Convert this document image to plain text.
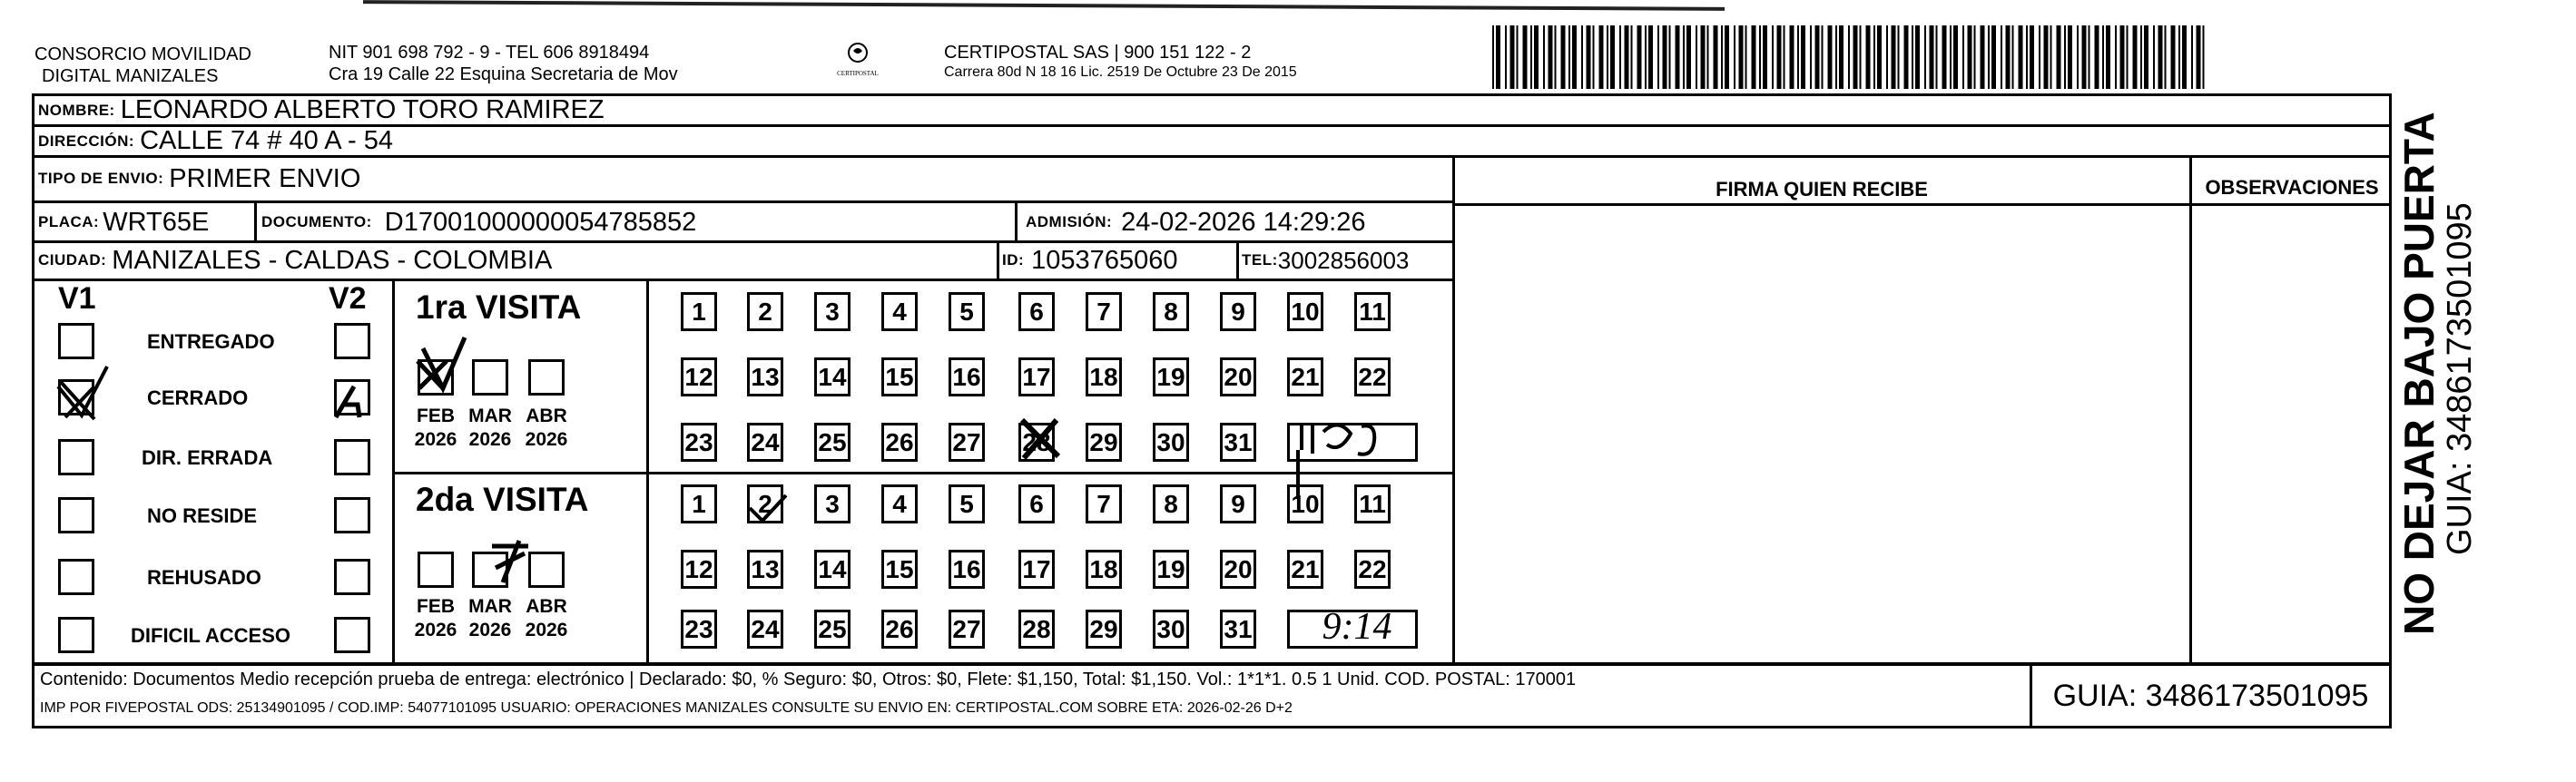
CONSORCIO MOVILIDAD
DIGITAL MANIZALES
NIT 901 698 792 - 9 - TEL 606 8918494
Cra 19 Calle 22 Esquina Secretaria de Mov	CERTIPOSTAL
CERTIPOSTAL SAS | 900 151 122 - 2
Carrera 80d N 18 16 Lic. 2519 De Octubre 23 De 2015
NOMBRE: LEONARDO ALBERTO TORO RAMIREZ
DIRECCIÓN: CALLE 74 # 40 A - 54
TIPO DE ENVIO: PRIMER ENVIO	FIRMA QUIEN RECIBE	OBSERVACIONES
PLACA: WRT65E	DOCUMENTO: D17001000000054785852	ADMISIÓN: 24-02-2026 14:29:26
CIUDAD: MANIZALES - CALDAS - COLOMBIA	ID: 1053765060	TEL: 3002856003
V1	V2
ENTREGADO
CERRADO
DIR. ERRADA
NO RESIDE
REHUSADO
DIFICIL ACCESO
1ra VISITA
2da VISITA
FEB
2026
MAR
2026
ABR
2026
FEB
2026
MAR
2026
ABR
2026
1	2	3	4	5	6	7	8	9	10 11
12 13 14 15 16 17 18 19 20 21 22
23 24 25 26 27 28 29 30 31
1	2	3	4	5	6	7	8	9	10 11
12 13 14 15 16 17 18 19 20 21 22
23 24 25 26 27 28 29 30 31	9:14
Contenido: Documentos Medio recepción prueba de entrega: electrónico | Declarado: $0, % Seguro: $0, Otros: $0, Flete: $1,150, Total: $1,150. Vol.: 1*1*1. 0.5 1 Unid. COD. POSTAL: 170001
IMP POR FIVEPOSTAL ODS: 25134901095 / COD.IMP: 54077101095 USUARIO: OPERACIONES MANIZALES CONSULTE SU ENVIO EN: CERTIPOSTAL.COM SOBRE ETA: 2026-02-26 D+2	GUIA: 3486173501095
NO DEJAR BAJO PUERTA
GUIA: 3486173501095
